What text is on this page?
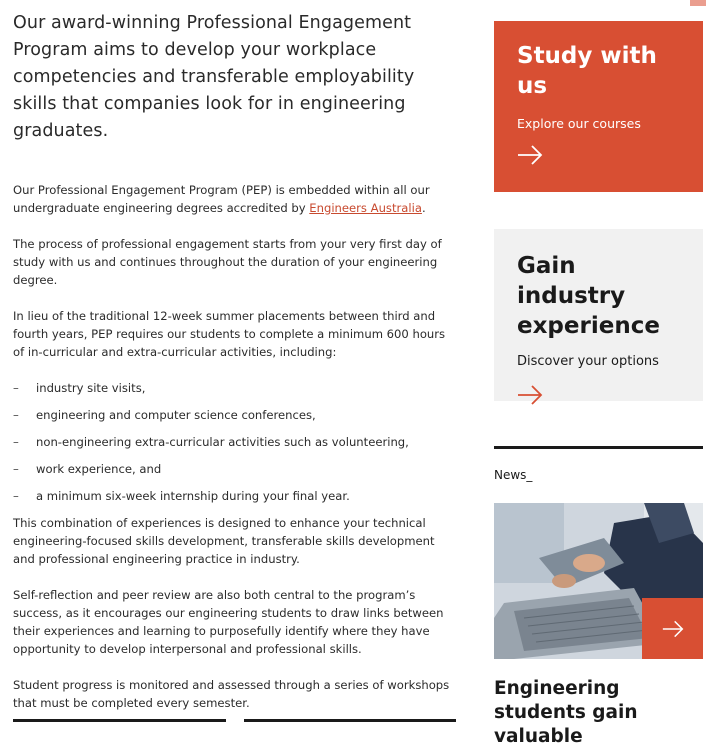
Our award-winning Professional Engagement Program aims to develop your workplace competencies and transferable employability skills that companies look for in engineering graduates.

Our Professional Engagement Program (PEP) is embedded within all our undergraduate engineering degrees accredited by Engineers Australia.

The process of professional engagement starts from your very first day of study with us and continues throughout the duration of your engineering degree.

In lieu of the traditional 12-week summer placements between third and fourth years, PEP requires our students to complete a minimum 600 hours of in-curricular and extra-curricular activities, including:

–	industry site visits,
–	engineering and computer science conferences,
–	non-engineering extra-curricular activities such as volunteering,
–	work experience, and
–	a minimum six-week internship during your final year.

This combination of experiences is designed to enhance your technical engineering-focused skills development, transferable skills development and professional engineering practice in industry.

Self-reflection and peer review are also both central to the program’s success, as it encourages our engineering students to draw links between their experiences and learning to purposefully identify where they have opportunity to develop interpersonal and professional skills.

Student progress is monitored and assessed through a series of workshops that must be completed every semester.

Study with us
Explore our courses
Gain industry experience
Discover your options
News_
Engineering students gain valuable
